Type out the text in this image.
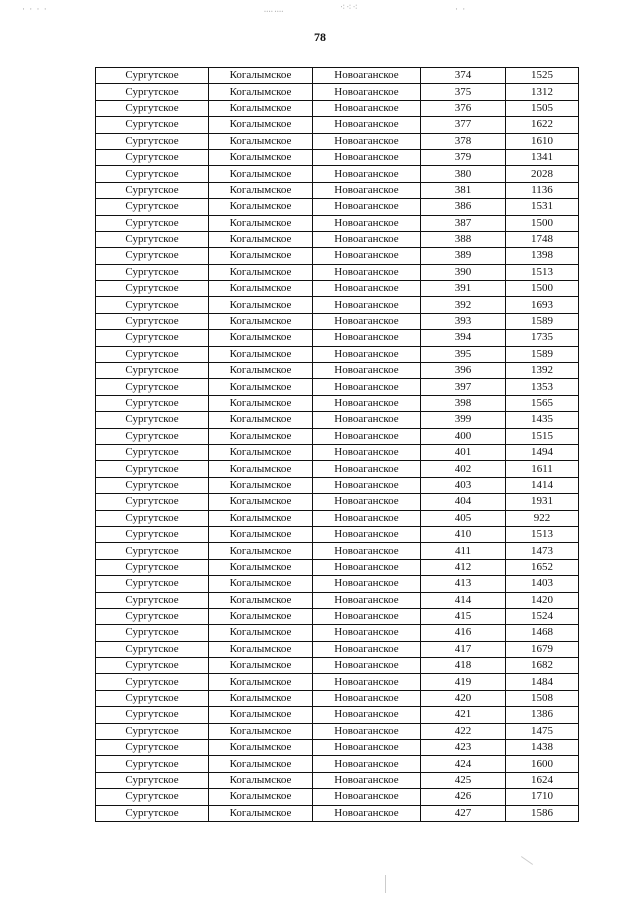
· · · ·	᠁᠁	⁖⁖⁖	· ·
78
Сургутское	Когалымское	Новоаганское	374	1525
Сургутское	Когалымское	Новоаганское	375	1312
Сургутское	Когалымское	Новоаганское	376	1505
Сургутское	Когалымское	Новоаганское	377	1622
Сургутское	Когалымское	Новоаганское	378	1610
Сургутское	Когалымское	Новоаганское	379	1341
Сургутское	Когалымское	Новоаганское	380	2028
Сургутское	Когалымское	Новоаганское	381	1136
Сургутское	Когалымское	Новоаганское	386	1531
Сургутское	Когалымское	Новоаганское	387	1500
Сургутское	Когалымское	Новоаганское	388	1748
Сургутское	Когалымское	Новоаганское	389	1398
Сургутское	Когалымское	Новоаганское	390	1513
Сургутское	Когалымское	Новоаганское	391	1500
Сургутское	Когалымское	Новоаганское	392	1693
Сургутское	Когалымское	Новоаганское	393	1589
Сургутское	Когалымское	Новоаганское	394	1735
Сургутское	Когалымское	Новоаганское	395	1589
Сургутское	Когалымское	Новоаганское	396	1392
Сургутское	Когалымское	Новоаганское	397	1353
Сургутское	Когалымское	Новоаганское	398	1565
Сургутское	Когалымское	Новоаганское	399	1435
Сургутское	Когалымское	Новоаганское	400	1515
Сургутское	Когалымское	Новоаганское	401	1494
Сургутское	Когалымское	Новоаганское	402	1611
Сургутское	Когалымское	Новоаганское	403	1414
Сургутское	Когалымское	Новоаганское	404	1931
Сургутское	Когалымское	Новоаганское	405	922
Сургутское	Когалымское	Новоаганское	410	1513
Сургутское	Когалымское	Новоаганское	411	1473
Сургутское	Когалымское	Новоаганское	412	1652
Сургутское	Когалымское	Новоаганское	413	1403
Сургутское	Когалымское	Новоаганское	414	1420
Сургутское	Когалымское	Новоаганское	415	1524
Сургутское	Когалымское	Новоаганское	416	1468
Сургутское	Когалымское	Новоаганское	417	1679
Сургутское	Когалымское	Новоаганское	418	1682
Сургутское	Когалымское	Новоаганское	419	1484
Сургутское	Когалымское	Новоаганское	420	1508
Сургутское	Когалымское	Новоаганское	421	1386
Сургутское	Когалымское	Новоаганское	422	1475
Сургутское	Когалымское	Новоаганское	423	1438
Сургутское	Когалымское	Новоаганское	424	1600
Сургутское	Когалымское	Новоаганское	425	1624
Сургутское	Когалымское	Новоаганское	426	1710
Сургутское	Когалымское	Новоаганское	427	1586
